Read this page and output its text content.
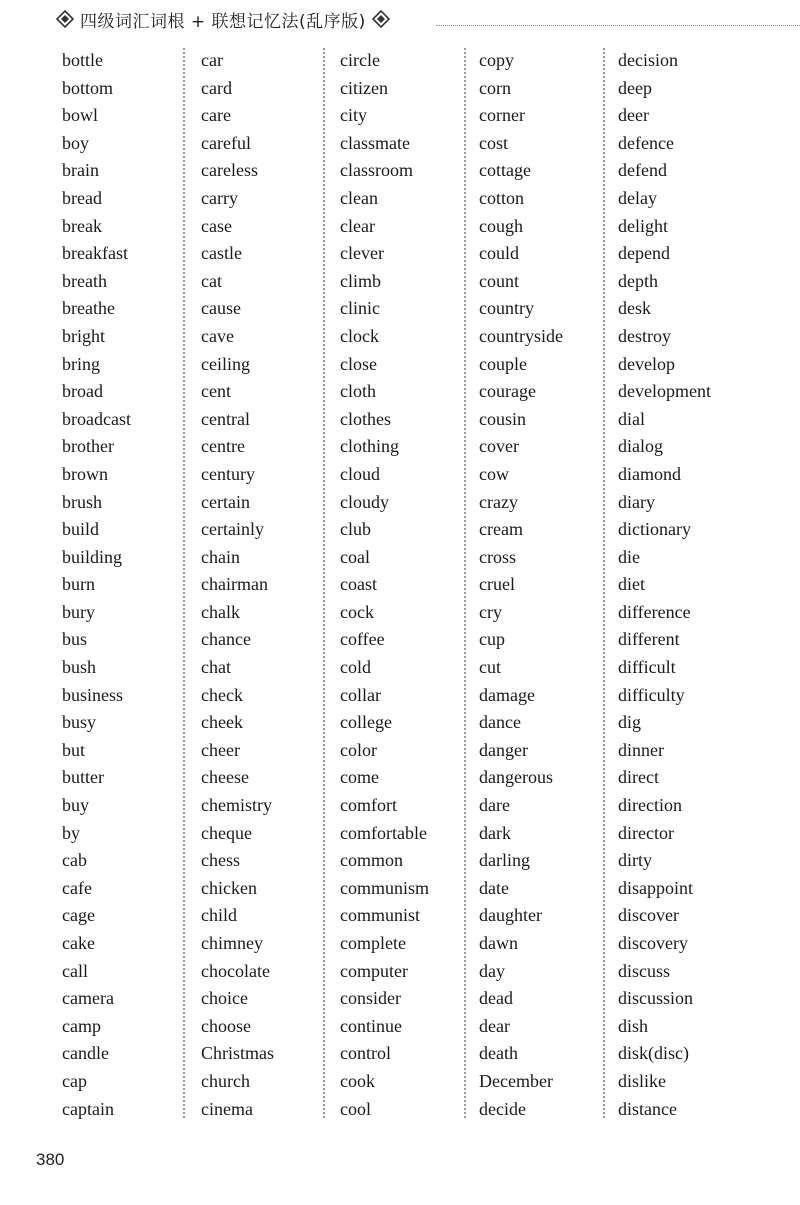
四级词汇词根 + 联想记忆法(乱序版)
bottle
bottom
bowl
boy
brain
bread
break
breakfast
breath
breathe
bright
bring
broad
broadcast
brother
brown
brush
build
building
burn
bury
bus
bush
business
busy
but
butter
buy
by
cab
cafe
cage
cake
call
camera
camp
candle
cap
captain
car
card
care
careful
careless
carry
case
castle
cat
cause
cave
ceiling
cent
central
centre
century
certain
certainly
chain
chairman
chalk
chance
chat
check
cheek
cheer
cheese
chemistry
cheque
chess
chicken
child
chimney
chocolate
choice
choose
Christmas
church
cinema
circle
citizen
city
classmate
classroom
clean
clear
clever
climb
clinic
clock
close
cloth
clothes
clothing
cloud
cloudy
club
coal
coast
cock
coffee
cold
collar
college
color
come
comfort
comfortable
common
communism
communist
complete
computer
consider
continue
control
cook
cool
copy
corn
corner
cost
cottage
cotton
cough
could
count
country
countryside
couple
courage
cousin
cover
cow
crazy
cream
cross
cruel
cry
cup
cut
damage
dance
danger
dangerous
dare
dark
darling
date
daughter
dawn
day
dead
dear
death
December
decide
decision
deep
deer
defence
defend
delay
delight
depend
depth
desk
destroy
develop
development
dial
dialog
diamond
diary
dictionary
die
diet
difference
different
difficult
difficulty
dig
dinner
direct
direction
director
dirty
disappoint
discover
discovery
discuss
discussion
dish
disk(disc)
dislike
distance
380
